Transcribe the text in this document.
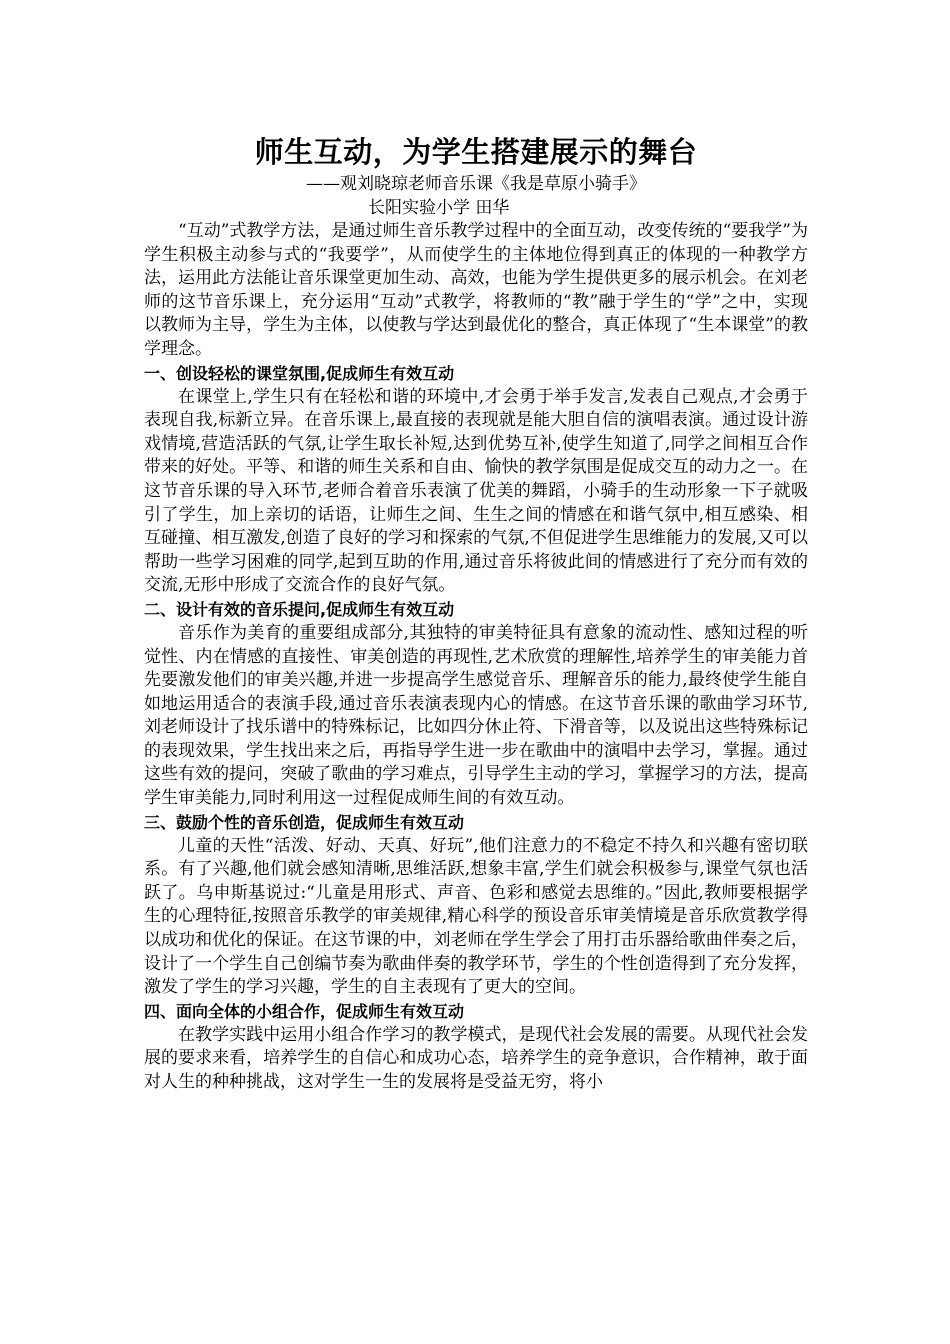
师生互动，为学生搭建展示的舞台

——观刘晓琼老师音乐课《我是草原小骑手》

长阳实验小学 田华

“互动”式教学方法，是通过师生音乐教学过程中的全面互动，改变传统的“要我学”为学生积极主动参与式的“我要学”，从而使学生的主体地位得到真正的体现的一种教学方法，运用此方法能让音乐课堂更加生动、高效，也能为学生提供更多的展示机会。在刘老师的这节音乐课上，充分运用“互动”式教学，将教师的“教”融于学生的“学”之中，实现以教师为主导，学生为主体，以使教与学达到最优化的整合，真正体现了“生本课堂”的教学理念。

一、创设轻松的课堂氛围,促成师生有效互动

在课堂上,学生只有在轻松和谐的环境中,才会勇于举手发言,发表自己观点,才会勇于表现自我,标新立异。在音乐课上,最直接的表现就是能大胆自信的演唱表演。通过设计游戏情境,营造活跃的气氛,让学生取长补短,达到优势互补,使学生知道了,同学之间相互合作带来的好处。平等、和谐的师生关系和自由、愉快的教学氛围是促成交互的动力之一。在这节音乐课的导入环节,老师合着音乐表演了优美的舞蹈，小骑手的生动形象一下子就吸引了学生，加上亲切的话语，让师生之间、生生之间的情感在和谐气氛中,相互感染、相互碰撞、相互激发,创造了良好的学习和探索的气氛,不但促进学生思维能力的发展,又可以帮助一些学习困难的同学,起到互助的作用,通过音乐将彼此间的情感进行了充分而有效的交流,无形中形成了交流合作的良好气氛。

二、设计有效的音乐提问,促成师生有效互动

音乐作为美育的重要组成部分,其独特的审美特征具有意象的流动性、感知过程的听觉性、内在情感的直接性、审美创造的再现性,艺术欣赏的理解性,培养学生的审美能力首先要激发他们的审美兴趣,并进一步提高学生感觉音乐、理解音乐的能力,最终使学生能自如地运用适合的表演手段,通过音乐表演表现内心的情感。在这节音乐课的歌曲学习环节,刘老师设计了找乐谱中的特殊标记，比如四分休止符、下滑音等，以及说出这些特殊标记的表现效果，学生找出来之后，再指导学生进一步在歌曲中的演唱中去学习，掌握。通过这些有效的提问，突破了歌曲的学习难点，引导学生主动的学习，掌握学习的方法，提高学生审美能力,同时利用这一过程促成师生间的有效互动。

三、鼓励个性的音乐创造，促成师生有效互动

儿童的天性“活泼、好动、天真、好玩”,他们注意力的不稳定不持久和兴趣有密切联系。有了兴趣,他们就会感知清晰,思维活跃,想象丰富,学生们就会积极参与,课堂气氛也活跃了。乌申斯基说过:“儿童是用形式、声音、色彩和感觉去思维的。”因此,教师要根据学生的心理特征,按照音乐教学的审美规律,精心科学的预设音乐审美情境是音乐欣赏教学得以成功和优化的保证。在这节课的中，刘老师在学生学会了用打击乐器给歌曲伴奏之后，设计了一个学生自己创编节奏为歌曲伴奏的教学环节，学生的个性创造得到了充分发挥，激发了学生的学习兴趣，学生的自主表现有了更大的空间。

四、面向全体的小组合作，促成师生有效互动

在教学实践中运用小组合作学习的教学模式，是现代社会发展的需要。从现代社会发展的要求来看，培养学生的自信心和成功心态，培养学生的竞争意识，合作精神，敢于面对人生的种种挑战，这对学生一生的发展将是受益无穷，将小
